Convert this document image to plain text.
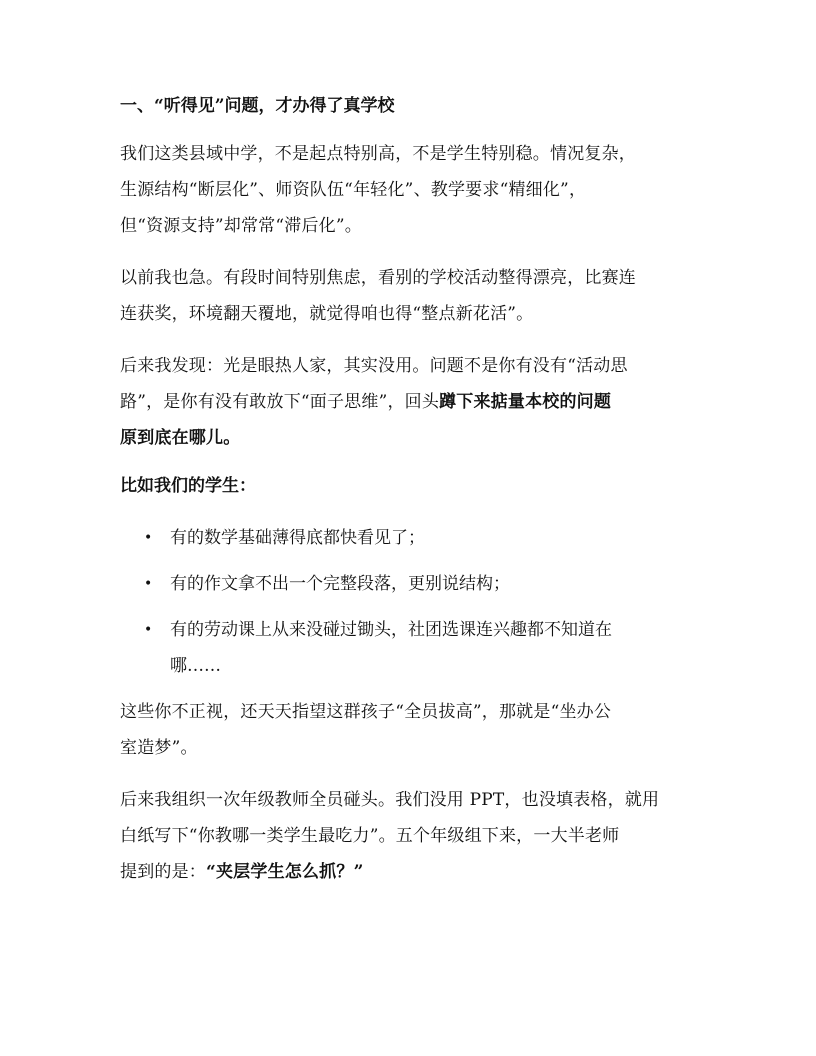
一、“听得见”问题，才办得了真学校

我们这类县域中学，不是起点特别高，不是学生特别稳。情况复杂，
生源结构“断层化”、师资队伍“年轻化”、教学要求“精细化”，
但“资源支持”却常常“滞后化”。

以前我也急。有段时间特别焦虑，看别的学校活动整得漂亮，比赛连
连获奖，环境翻天覆地，就觉得咱也得“整点新花活”。

后来我发现：光是眼热人家，其实没用。问题不是你有没有“活动思
路”，是你有没有敢放下“面子思维”，回头蹲下来掂量本校的问题
原到底在哪儿。

比如我们的学生：
• 有的数学基础薄得底都快看见了；
• 有的作文拿不出一个完整段落，更别说结构；
• 有的劳动课上从来没碰过锄头，社团选课连兴趣都不知道在
哪……

这些你不正视，还天天指望这群孩子“全员拔高”，那就是“坐办公
室造梦”。

后来我组织一次年级教师全员碰头。我们没用 PPT，也没填表格，就用
白纸写下“你教哪一类学生最吃力”。五个年级组下来，一大半老师
提到的是：“夹层学生怎么抓？”
